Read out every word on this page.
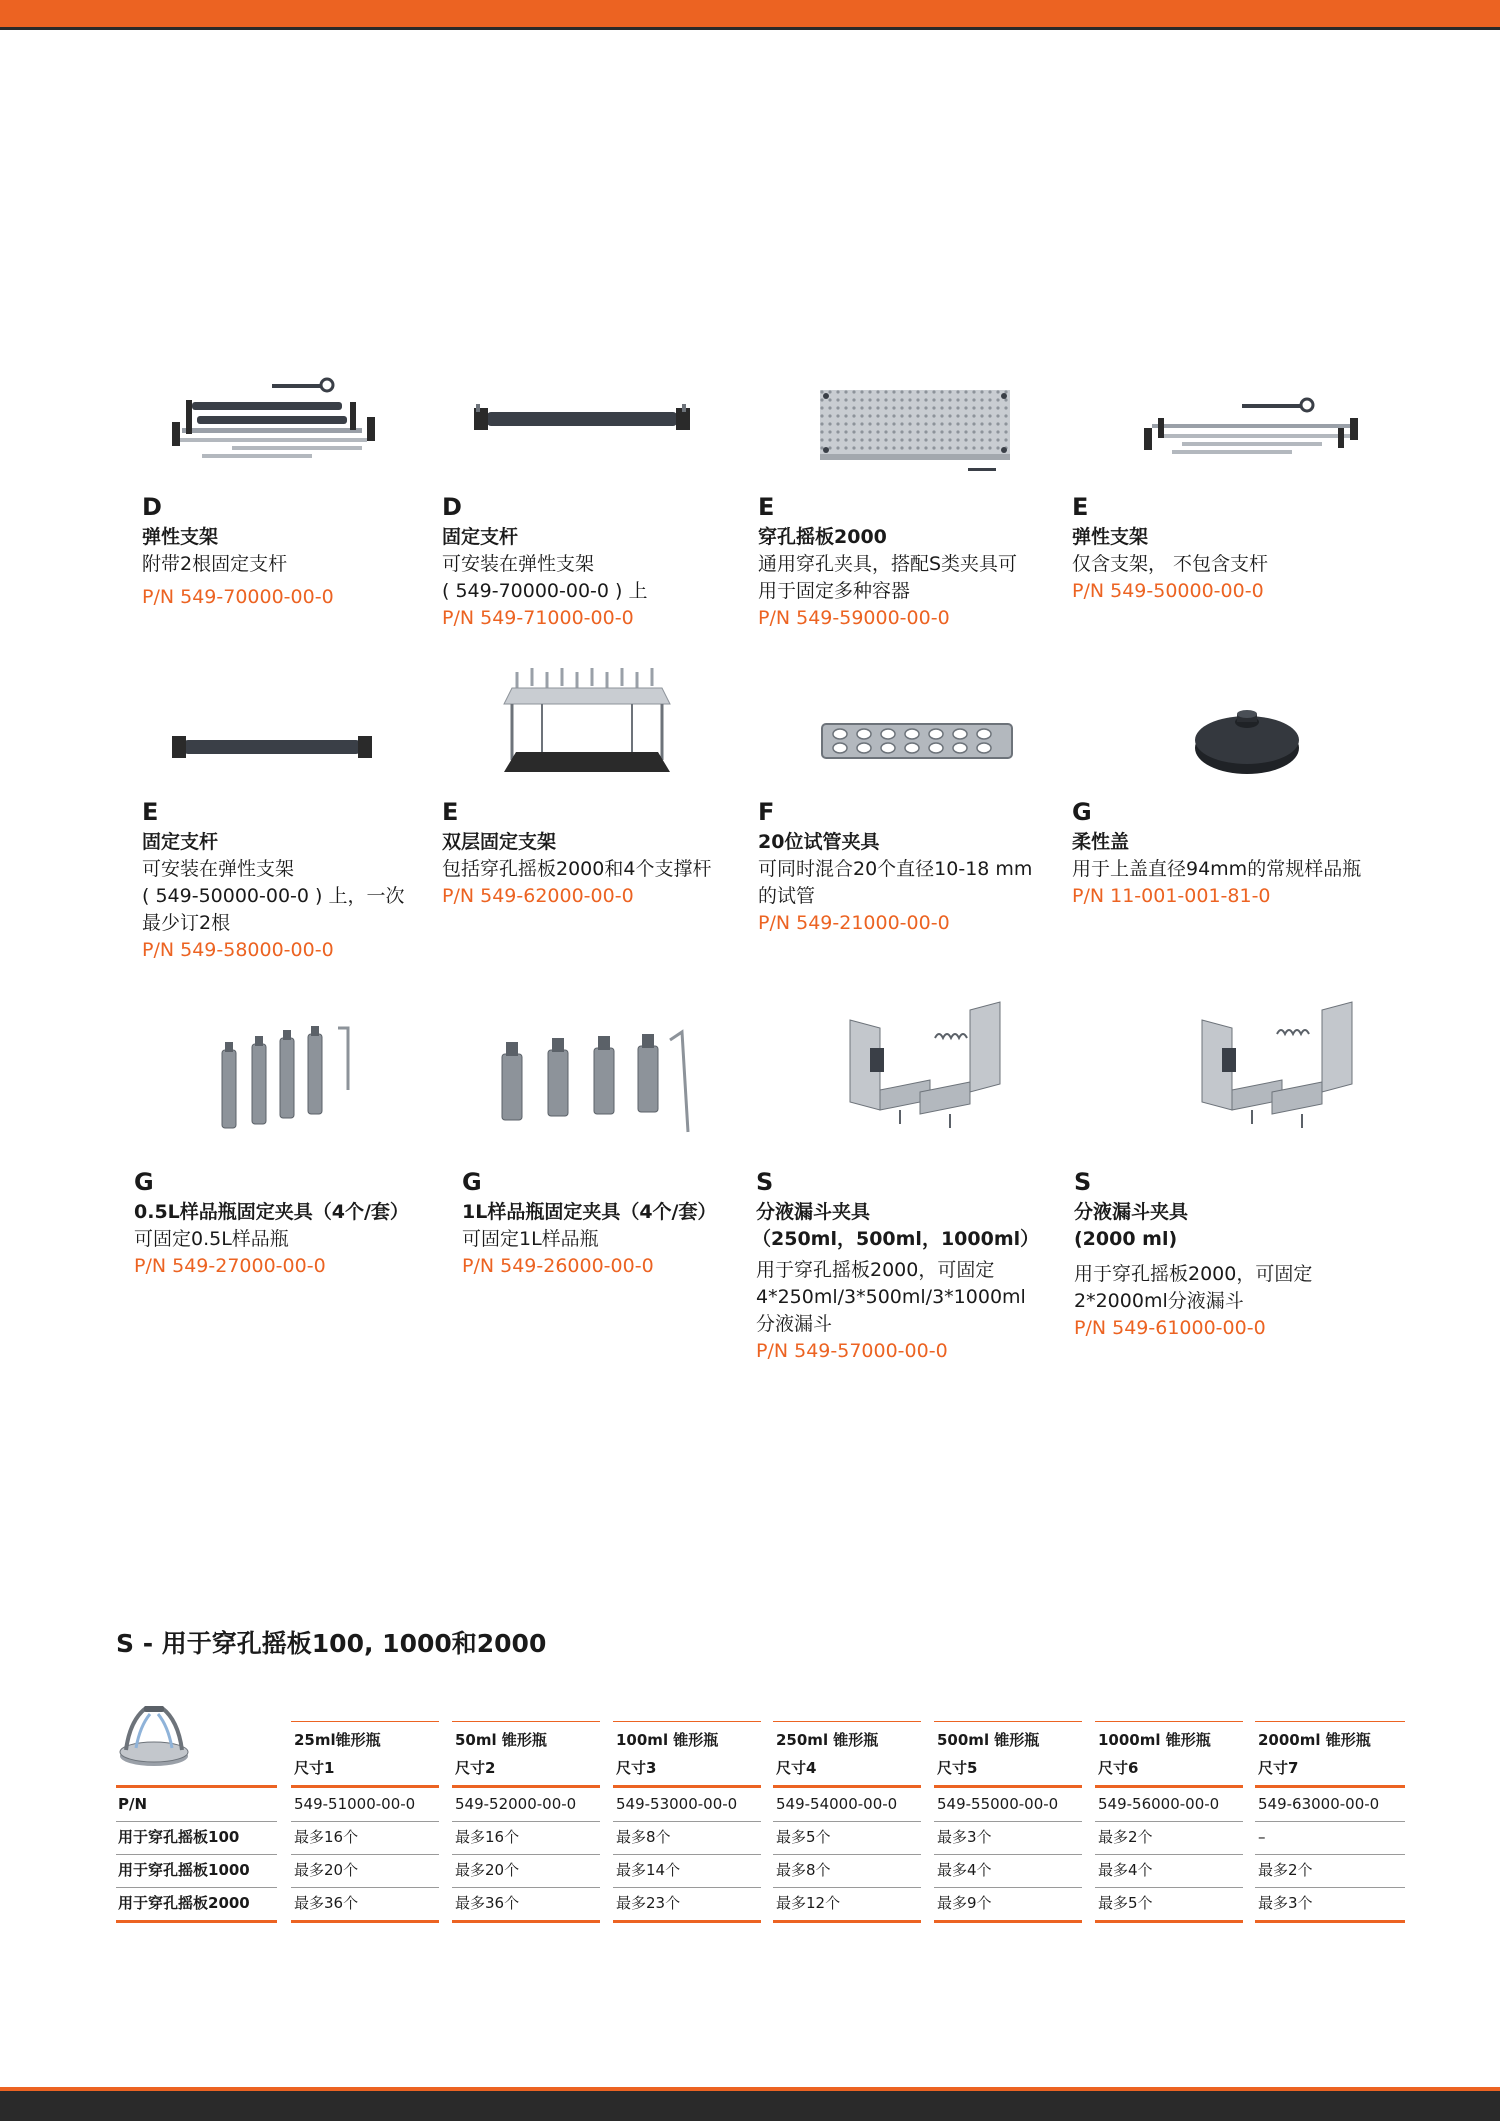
D
弹性支架
附带2根固定支杆
P/N 549-70000-00-0
D
固定支杆
可安装在弹性支架
( 549-70000-00-0 ) 上
P/N 549-71000-00-0
E
穿孔摇板2000
通用穿孔夹具，搭配S类夹具可
用于固定多种容器
P/N 549-59000-00-0
E
弹性支架
仅含支架， 不包含支杆
P/N 549-50000-00-0
E
固定支杆
可安装在弹性支架
( 549-50000-00-0 ) 上，一次
最少订2根
P/N 549-58000-00-0
E
双层固定支架
包括穿孔摇板2000和4个支撑杆
P/N 549-62000-00-0
F
20位试管夹具
可同时混合20个直径10-18 mm
的试管
P/N 549-21000-00-0
G
柔性盖
用于上盖直径94mm的常规样品瓶
P/N 11-001-001-81-0
G
0.5L样品瓶固定夹具（4个/套）
可固定0.5L样品瓶
P/N 549-27000-00-0
G
1L样品瓶固定夹具（4个/套）
可固定1L样品瓶
P/N 549-26000-00-0
S
分液漏斗夹具
（250ml，500ml，1000ml）
用于穿孔摇板2000，可固定
4*250ml/3*500ml/3*1000ml
分液漏斗
P/N 549-57000-00-0
S
分液漏斗夹具
(2000 ml)
用于穿孔摇板2000，可固定
2*2000ml分液漏斗
P/N 549-61000-00-0
S - 用于穿孔摇板100, 1000和2000
25ml锥形瓶
尺寸1
50ml 锥形瓶
尺寸2
100ml 锥形瓶
尺寸3
250ml 锥形瓶
尺寸4
500ml 锥形瓶
尺寸5
1000ml 锥形瓶
尺寸6
2000ml 锥形瓶
尺寸7
P/N	549-51000-00-0	549-52000-00-0	549-53000-00-0	549-54000-00-0	549-55000-00-0	549-56000-00-0	549-63000-00-0
用于穿孔摇板100	最多16个	最多16个	最多8个	最多5个	最多3个	最多2个	–
用于穿孔摇板1000	最多20个	最多20个	最多14个	最多8个	最多4个	最多4个	最多2个
用于穿孔摇板2000	最多36个	最多36个	最多23个	最多12个	最多9个	最多5个	最多3个
